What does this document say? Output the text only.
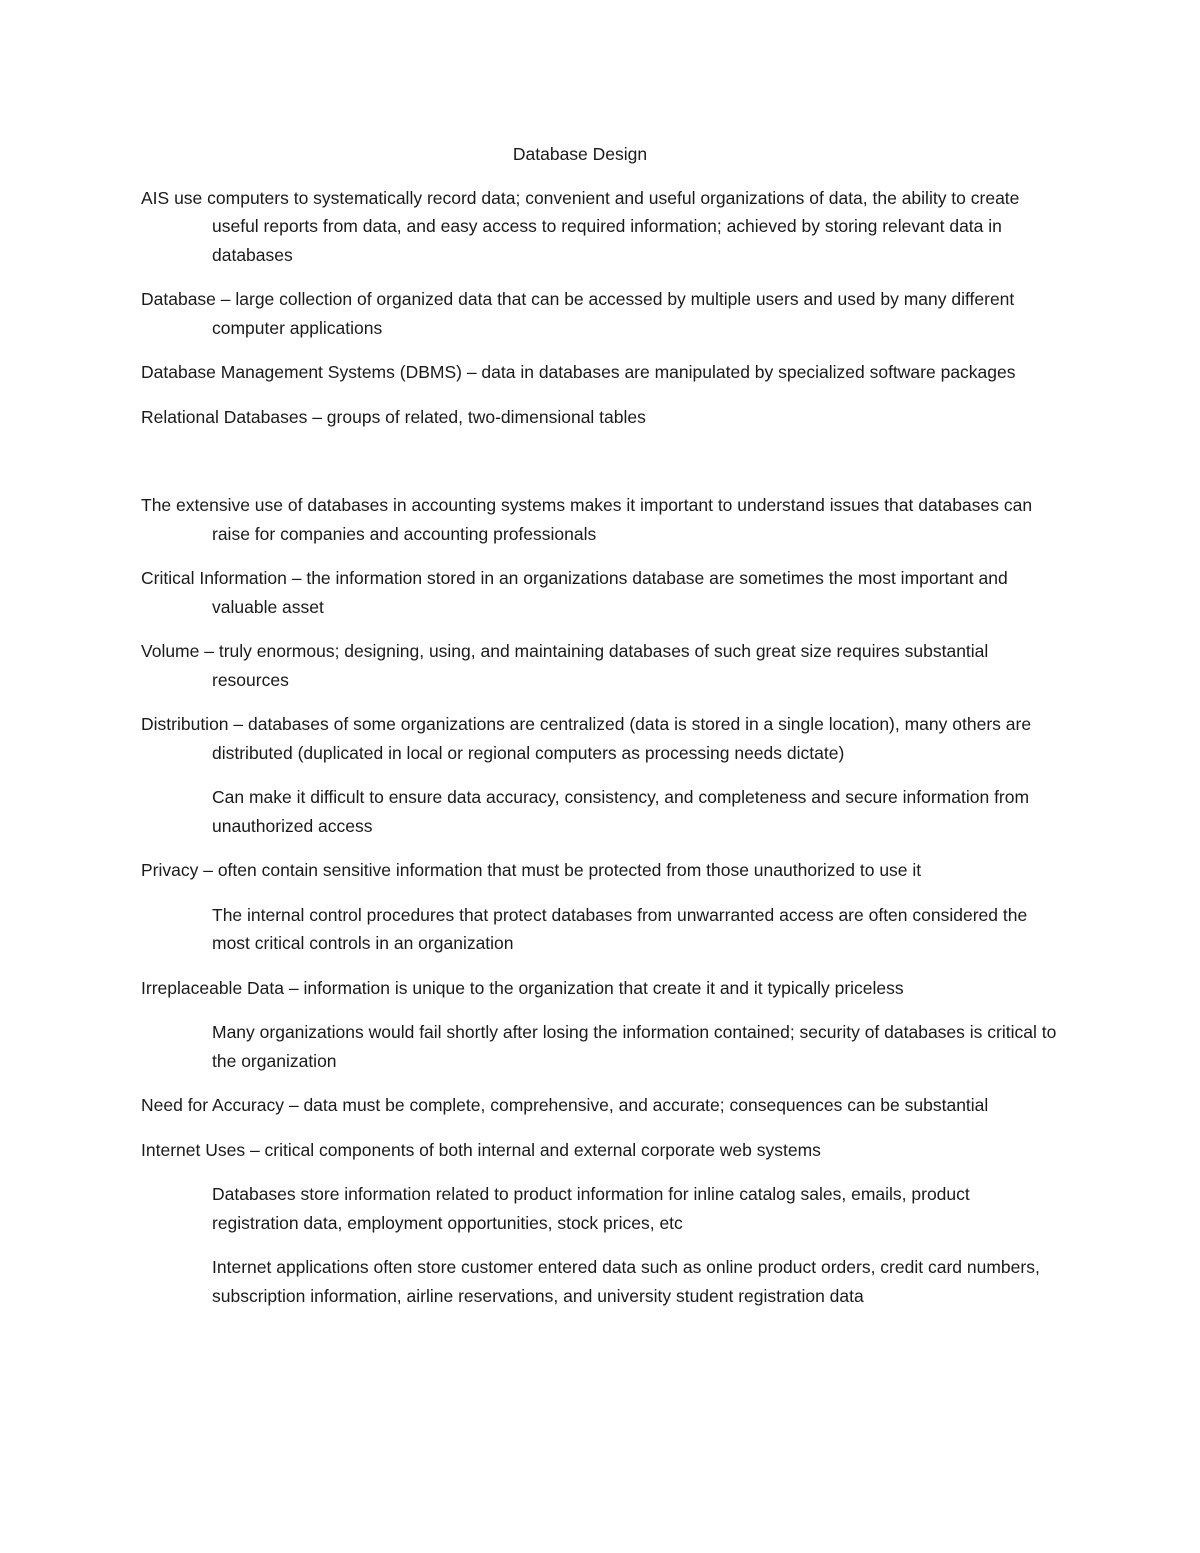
Database Design

AIS use computers to systematically record data; convenient and useful organizations of data, the ability to create useful reports from data, and easy access to required information; achieved by storing relevant data in databases

Database – large collection of organized data that can be accessed by multiple users and used by many different computer applications

Database Management Systems (DBMS) – data in databases are manipulated by specialized software packages

Relational Databases – groups of related, two-dimensional tables

The extensive use of databases in accounting systems makes it important to understand issues that databases can raise for companies and accounting professionals

Critical Information – the information stored in an organizations database are sometimes the most important and valuable asset

Volume – truly enormous; designing, using, and maintaining databases of such great size requires substantial resources

Distribution – databases of some organizations are centralized (data is stored in a single location), many others are distributed (duplicated in local or regional computers as processing needs dictate)

Can make it difficult to ensure data accuracy, consistency, and completeness and secure information from unauthorized access

Privacy – often contain sensitive information that must be protected from those unauthorized to use it

The internal control procedures that protect databases from unwarranted access are often considered the most critical controls in an organization

Irreplaceable Data – information is unique to the organization that create it and it typically priceless

Many organizations would fail shortly after losing the information contained; security of databases is critical to the organization

Need for Accuracy – data must be complete, comprehensive, and accurate; consequences can be substantial

Internet Uses – critical components of both internal and external corporate web systems

Databases store information related to product information for inline catalog sales, emails, product registration data, employment opportunities, stock prices, etc

Internet applications often store customer entered data such as online product orders, credit card numbers, subscription information, airline reservations, and university student registration data
